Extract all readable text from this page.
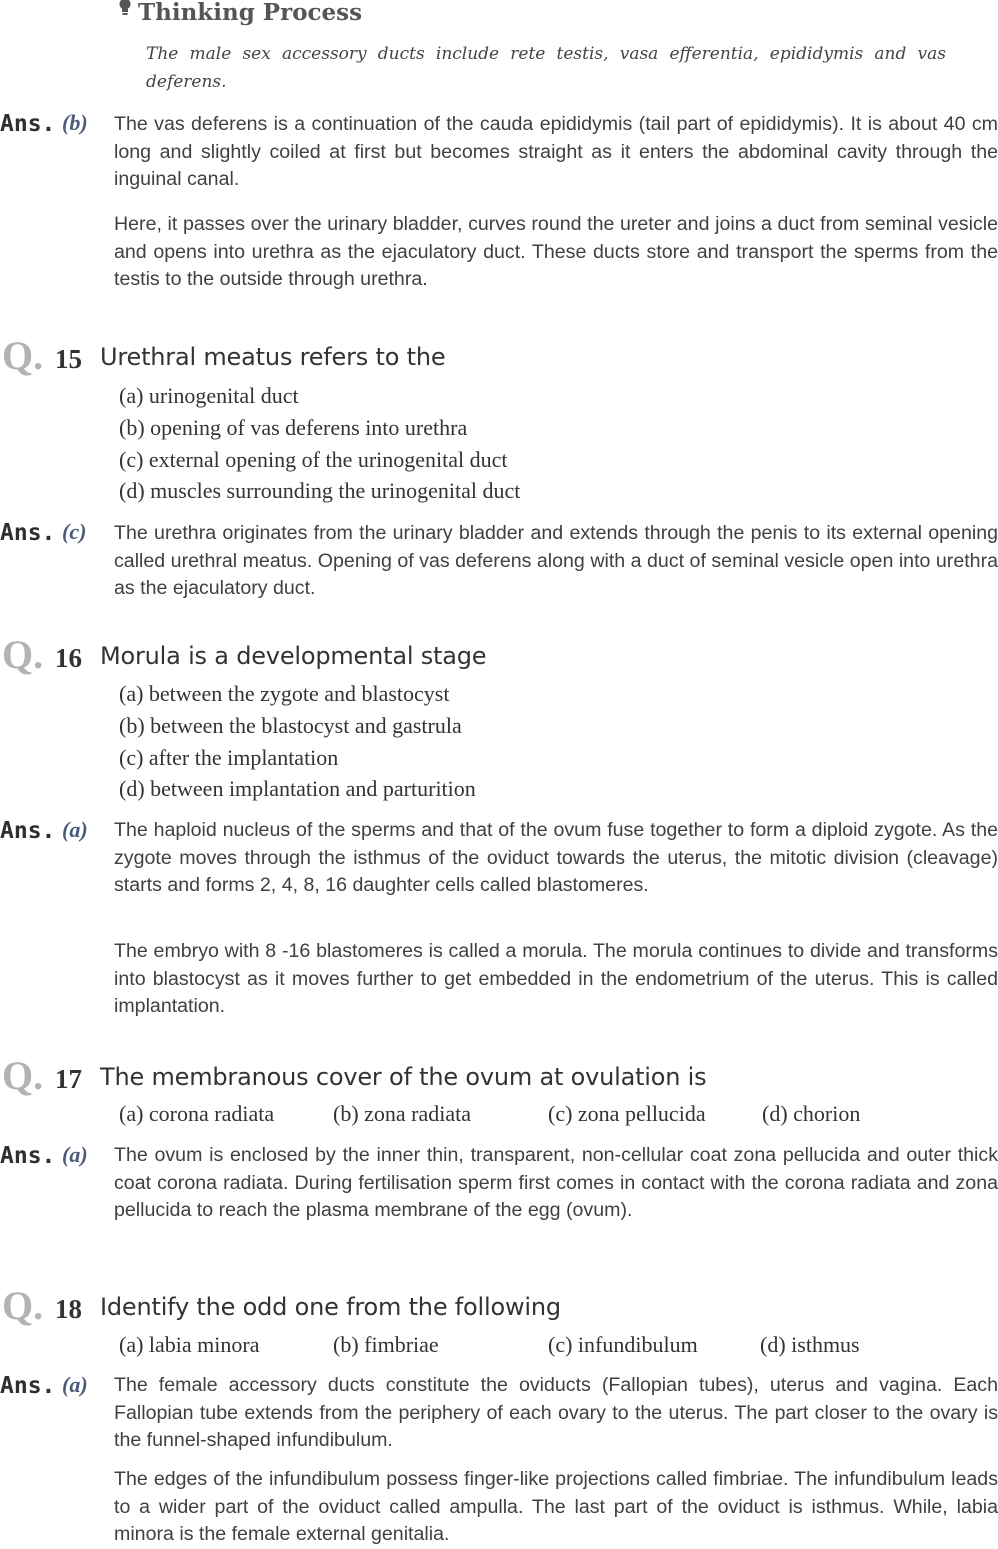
Thinking Process
The male sex accessory ducts include rete testis, vasa efferentia, epididymis and vas deferens.
Ans. (b) The vas deferens is a continuation of the cauda epididymis (tail part of epididymis). It is about 40 cm long and slightly coiled at first but becomes straight as it enters the abdominal cavity through the inguinal canal.
Here, it passes over the urinary bladder, curves round the ureter and joins a duct from seminal vesicle and opens into urethra as the ejaculatory duct. These ducts store and transport the sperms from the testis to the outside through urethra.
Q. 15 Urethral meatus refers to the
(a) urinogenital duct
(b) opening of vas deferens into urethra
(c) external opening of the urinogenital duct
(d) muscles surrounding the urinogenital duct
Ans. (c) The urethra originates from the urinary bladder and extends through the penis to its external opening called urethral meatus. Opening of vas deferens along with a duct of seminal vesicle open into urethra as the ejaculatory duct.
Q. 16 Morula is a developmental stage
(a) between the zygote and blastocyst
(b) between the blastocyst and gastrula
(c) after the implantation
(d) between implantation and parturition
Ans. (a) The haploid nucleus of the sperms and that of the ovum fuse together to form a diploid zygote. As the zygote moves through the isthmus of the oviduct towards the uterus, the mitotic division (cleavage) starts and forms 2, 4, 8, 16 daughter cells called blastomeres.
The embryo with 8 -16 blastomeres is called a morula. The morula continues to divide and transforms into blastocyst as it moves further to get embedded in the endometrium of the uterus. This is called implantation.
Q. 17 The membranous cover of the ovum at ovulation is
(a) corona radiata	(b) zona radiata	(c) zona pellucida	(d) chorion
Ans. (a) The ovum is enclosed by the inner thin, transparent, non-cellular coat zona pellucida and outer thick coat corona radiata. During fertilisation sperm first comes in contact with the corona radiata and zona pellucida to reach the plasma membrane of the egg (ovum).
Q. 18 Identify the odd one from the following
(a) labia minora	(b) fimbriae	(c) infundibulum	(d) isthmus
Ans. (a) The female accessory ducts constitute the oviducts (Fallopian tubes), uterus and vagina. Each Fallopian tube extends from the periphery of each ovary to the uterus. The part closer to the ovary is the funnel-shaped infundibulum.
The edges of the infundibulum possess finger-like projections called fimbriae. The infundibulum leads to a wider part of the oviduct called ampulla. The last part of the oviduct is isthmus. While, labia minora is the female external genitalia.
